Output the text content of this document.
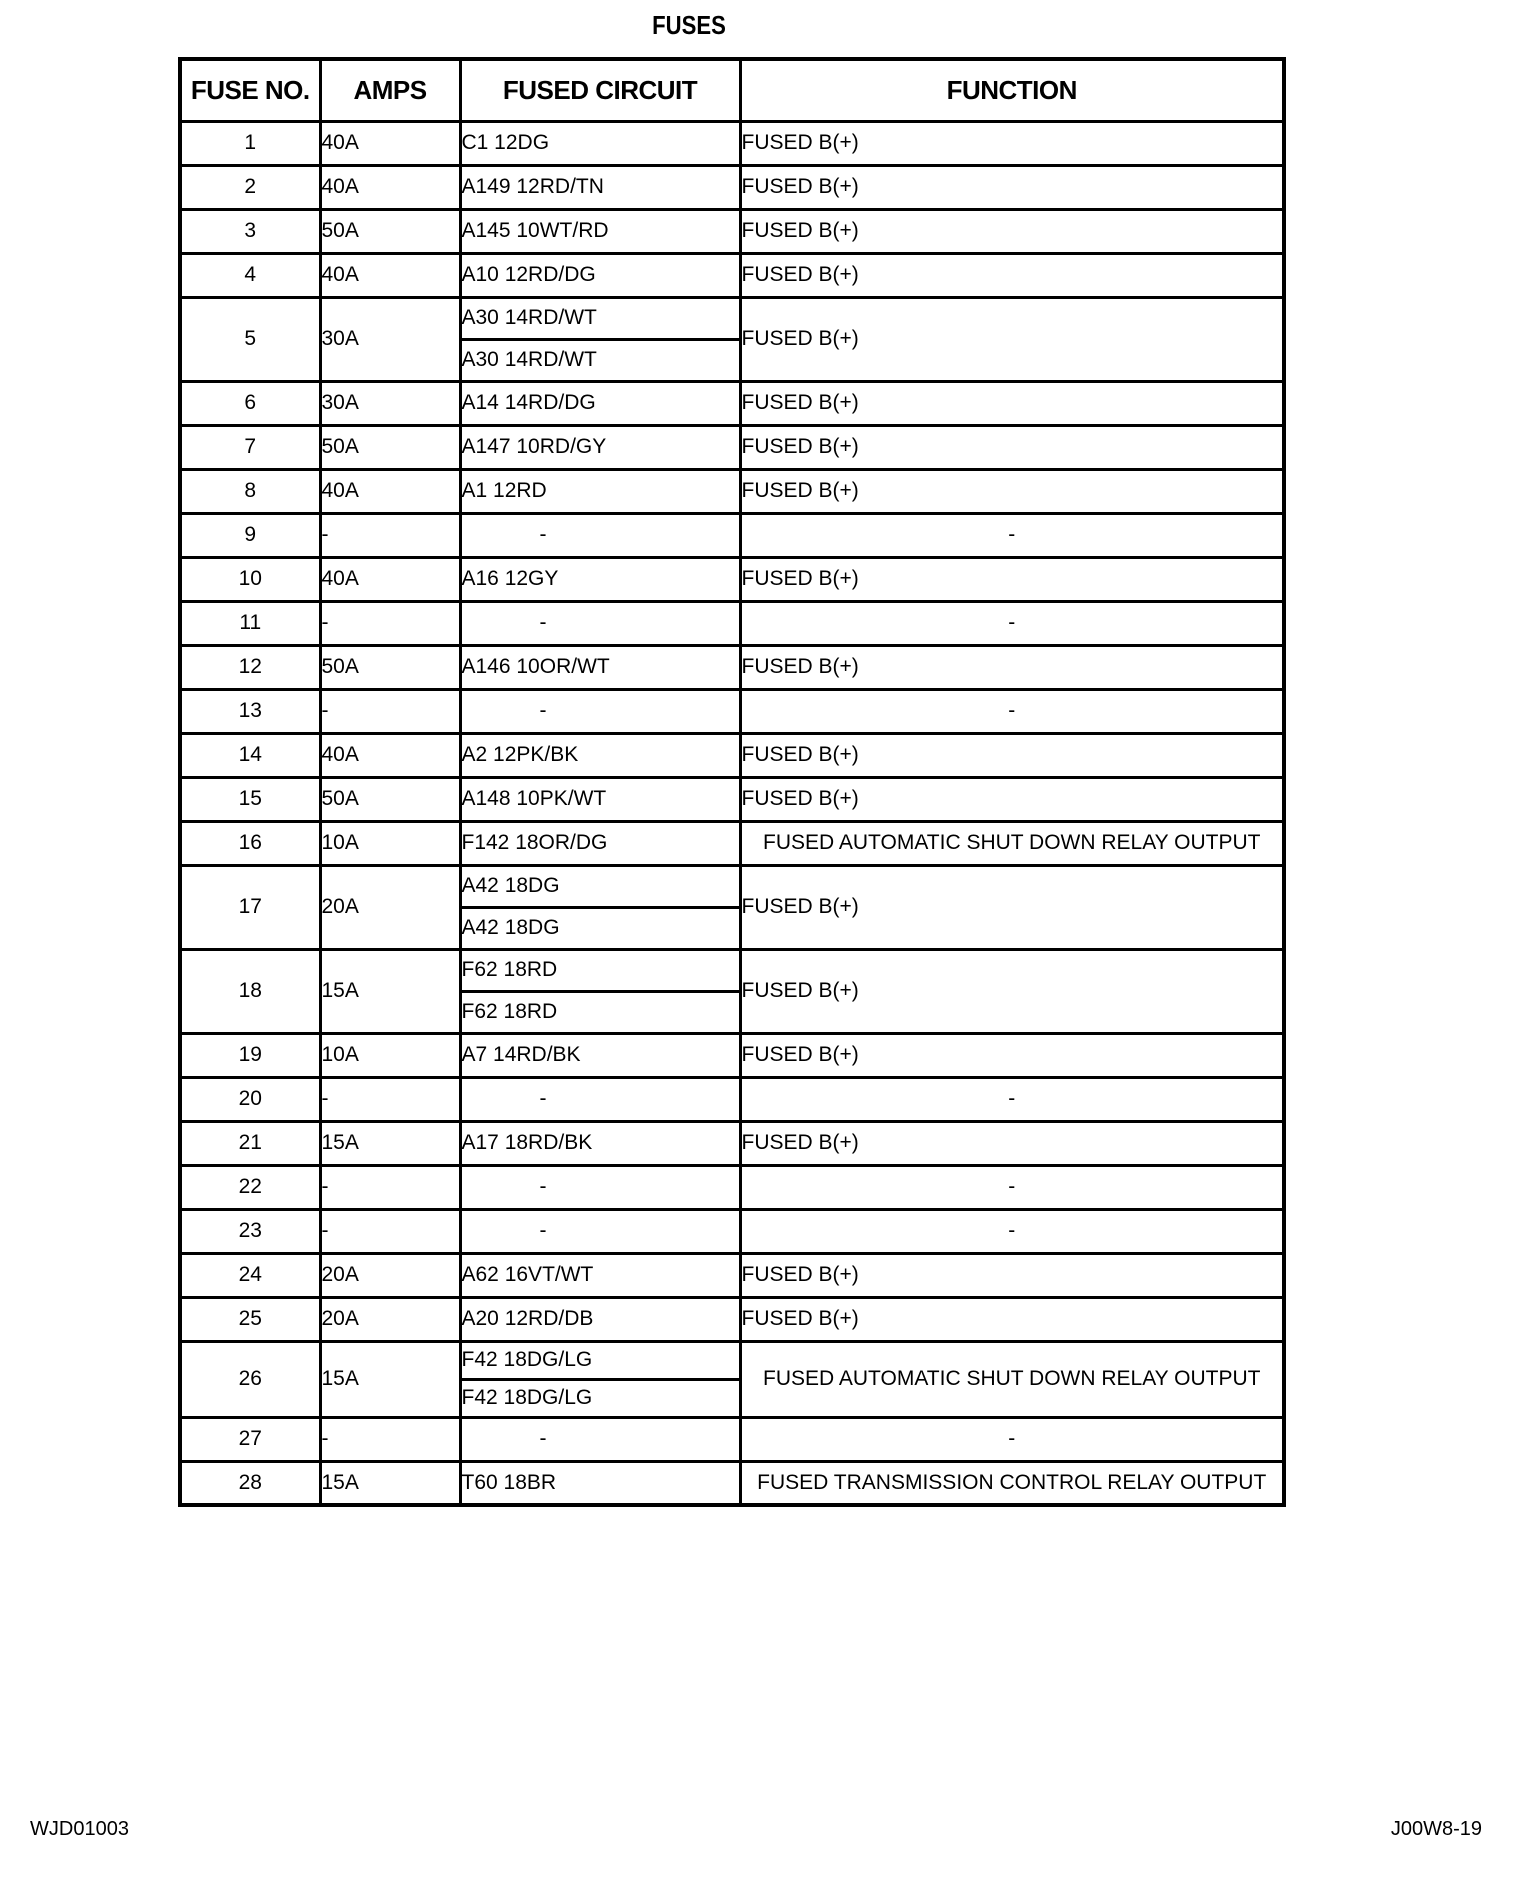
FUSES
FUSE NO.	AMPS	FUSED CIRCUIT	FUNCTION
1	40A	C1 12DG	FUSED B(+)
2	40A	A149 12RD/TN	FUSED B(+)
3	50A	A145 10WT/RD	FUSED B(+)
4	40A	A10 12RD/DG	FUSED B(+)
5	30A	A30 14RD/WT	FUSED B(+)
		A30 14RD/WT	
6	30A	A14 14RD/DG	FUSED B(+)
7	50A	A147 10RD/GY	FUSED B(+)
8	40A	A1 12RD	FUSED B(+)
9	-	-	-
10	40A	A16 12GY	FUSED B(+)
11	-	-	-
12	50A	A146 10OR/WT	FUSED B(+)
13	-	-	-
14	40A	A2 12PK/BK	FUSED B(+)
15	50A	A148 10PK/WT	FUSED B(+)
16	10A	F142 18OR/DG	FUSED AUTOMATIC SHUT DOWN RELAY OUTPUT
17	20A	A42 18DG	FUSED B(+)
		A42 18DG	
18	15A	F62 18RD	FUSED B(+)
		F62 18RD	
19	10A	A7 14RD/BK	FUSED B(+)
20	-	-	-
21	15A	A17 18RD/BK	FUSED B(+)
22	-	-	-
23	-	-	-
24	20A	A62 16VT/WT	FUSED B(+)
25	20A	A20 12RD/DB	FUSED B(+)
26	15A	F42 18DG/LG	FUSED AUTOMATIC SHUT DOWN RELAY OUTPUT
		F42 18DG/LG	
27	-	-	-
28	15A	T60 18BR	FUSED TRANSMISSION CONTROL RELAY OUTPUT
WJD01003	J00W8-19
